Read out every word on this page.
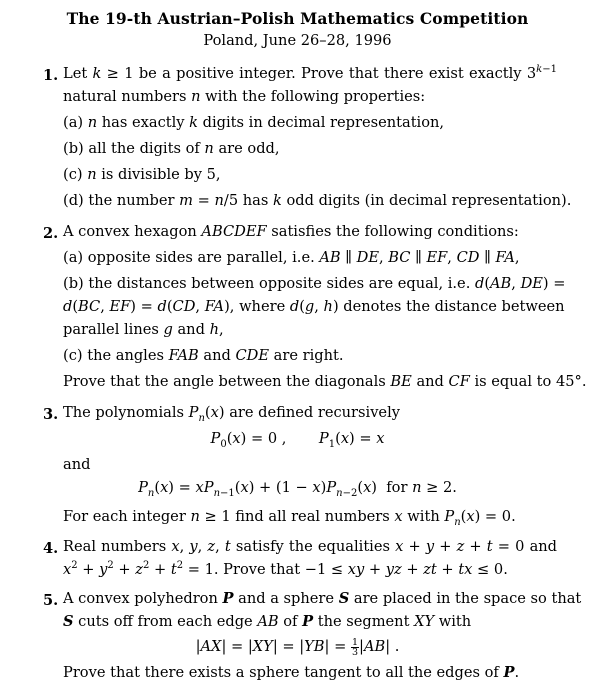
The 19-th Austrian–Polish Mathematics Competition
Poland, June 26–28, 1996
1. Let k ≥ 1 be a positive integer. Prove that there exist exactly $3^{k-1}$
natural numbers n with the following properties:
(a) n has exactly k digits in decimal representation,
(b) all the digits of n are odd,
(c) n is divisible by 5,
(d) the number m = n/5 has k odd digits (in decimal representation).
2. A convex hexagon ABCDEF satisfies the following conditions:
(a) opposite sides are parallel, i.e. AB ∥ DE, BC ∥ EF, CD ∥ FA,
(b) the distances between opposite sides are equal, i.e. d(AB, DE) =
d(BC, EF) = d(CD, FA), where d(g, h) denotes the distance between
parallel lines g and h,
(c) the angles FAB and CDE are right.
Prove that the angle between the diagonals BE and CF is equal to 45°.
3. The polynomials $P_n(x)$ are defined recursively
$P_0(x) = 0$ ,       $P_1(x) = x$
and
$P_n(x) = xP_{n-1}(x) + (1 - x)P_{n-2}(x)$  for n ≥ 2.
For each integer n ≥ 1 find all real numbers x with $P_n(x) = 0$.
4. Real numbers x, y, z, t satisfy the equalities x + y + z + t = 0 and
$x^2 + y^2 + z^2 + t^2 = 1$. Prove that −1 ≤ xy + yz + zt + tx ≤ 0.
5. A convex polyhedron P and a sphere S are placed in the space so that
S cuts off from each edge AB of P the segment XY with
$|AX| = |XY| = |YB| = \frac{1}{3} |AB|$ .
Prove that there exists a sphere tangent to all the edges of P.
